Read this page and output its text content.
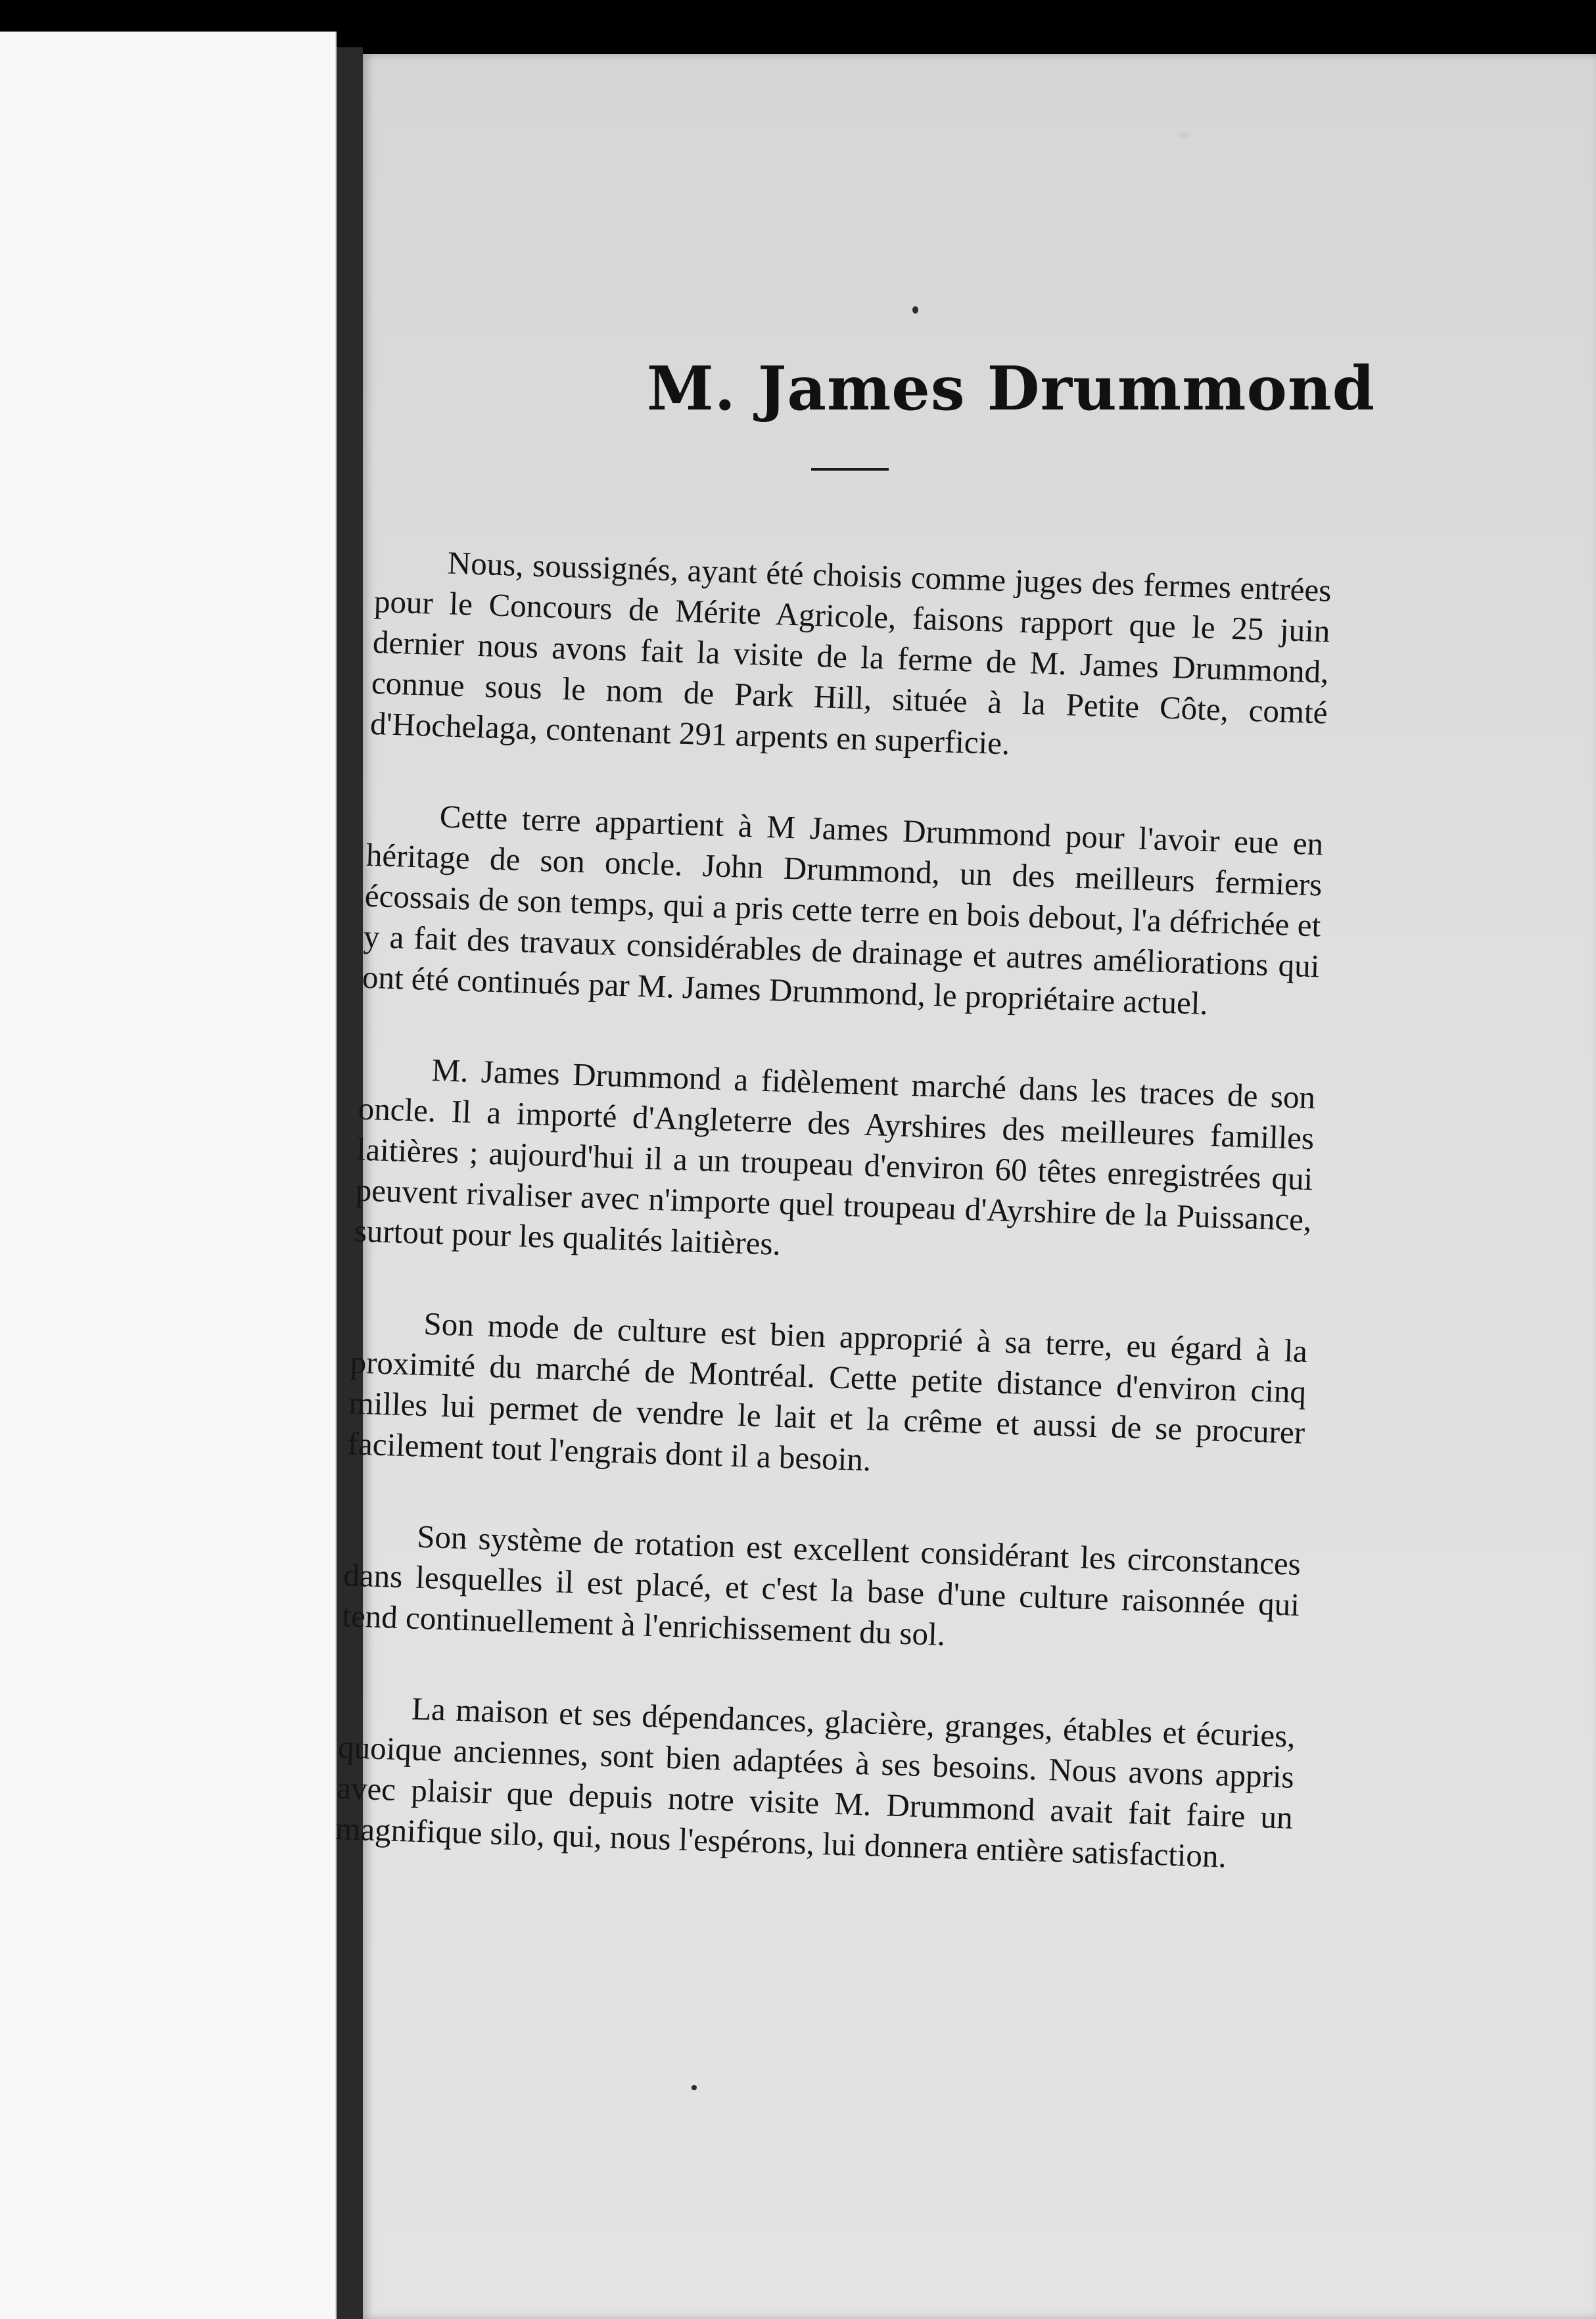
M. James Drummond

Nous, soussignés, ayant été choisis comme juges des fermes entrées pour le Concours de Mérite Agricole, faisons rapport que le 25 juin dernier nous avons fait la visite de la ferme de M. James Drummond, connue sous le nom de Park Hill, située à la Petite Côte, comté d'Hochelaga, contenant 291 arpents en superficie.

Cette terre appartient à M James Drummond pour l'avoir eue en héritage de son oncle. John Drummond, un des meilleurs fermiers écossais de son temps, qui a pris cette terre en bois debout, l'a défrichée et y a fait des travaux considérables de drainage et autres améliorations qui ont été continués par M. James Drummond, le propriétaire actuel.

M. James Drummond a fidèlement marché dans les traces de son oncle. Il a importé d'Angleterre des Ayrshires des meilleures familles laitières ; aujourd'hui il a un troupeau d'environ 60 têtes enregistrées qui peuvent rivaliser avec n'importe quel troupeau d'Ayrshire de la Puissance, surtout pour les qualités laitières.

Son mode de culture est bien approprié à sa terre, eu égard à la proximité du marché de Montréal. Cette petite distance d'environ cinq milles lui permet de vendre le lait et la crême et aussi de se procurer facilement tout l'engrais dont il a besoin.

Son système de rotation est excellent considérant les circonstances dans lesquelles il est placé, et c'est la base d'une culture raisonnée qui tend continuellement à l'enrichissement du sol.

La maison et ses dépendances, glacière, granges, étables et écuries, quoique anciennes, sont bien adaptées à ses besoins. Nous avons appris avec plaisir que depuis notre visite M. Drummond avait fait faire un magnifique silo, qui, nous l'espérons, lui donnera entière satisfaction.
